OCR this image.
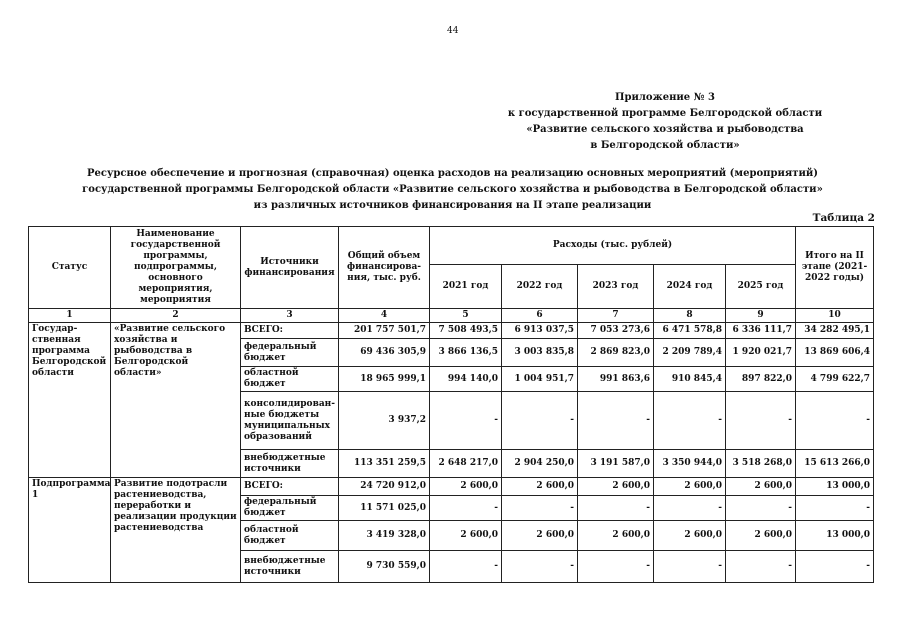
44
Приложение № 3
к государственной программе Белгородской области
«Развитие сельского хозяйства и рыбоводства
в Белгородской области»
Ресурсное обеспечение и прогнозная (справочная) оценка расходов на реализацию основных мероприятий (мероприятий)
государственной программы Белгородской области «Развитие сельского хозяйства и рыбоводства в Белгородской области»
из различных источников финансирования на II этапе реализации
Таблица 2
Статус	Наименование государственной программы, подпрограммы, основного мероприятия, мероприятия	Источники финансирования	Общий объем финансирова-ния, тыс. руб.	Расходы (тыс. рублей)					Итого на II этапе (2021-2022 годы)
				2021 год	2022 год	2023 год	2024 год	2025 год	
1	2	3	4	5	6	7	8	9	10
Государ-ственная программа Белгородской области	«Развитие сельского хозяйства и рыбоводства в Белгородской области»	ВСЕГО:	201 757 501,7	7 508 493,5	6 913 037,5	7 053 273,6	6 471 578,8	6 336 111,7	34 282 495,1
		федеральный бюджет	69 436 305,9	3 866 136,5	3 003 835,8	2 869 823,0	2 209 789,4	1 920 021,7	13 869 606,4
		областной бюджет	18 965 999,1	994 140,0	1 004 951,7	991 863,6	910 845,4	897 822,0	4 799 622,7
		консолидирован-ные бюджеты муниципальных образований	3 937,2	-	-	-	-	-	-
		внебюджетные источники	113 351 259,5	2 648 217,0	2 904 250,0	3 191 587,0	3 350 944,0	3 518 268,0	15 613 266,0
Подпрограмма 1	Развитие подотрасли растениеводства, переработки и реализации продукции растениеводства	ВСЕГО:	24 720 912,0	2 600,0	2 600,0	2 600,0	2 600,0	2 600,0	13 000,0
		федеральный бюджет	11 571 025,0	-	-	-	-	-	-
		областной бюджет	3 419 328,0	2 600,0	2 600,0	2 600,0	2 600,0	2 600,0	13 000,0
		внебюджетные источники	9 730 559,0	-	-	-	-	-	-
